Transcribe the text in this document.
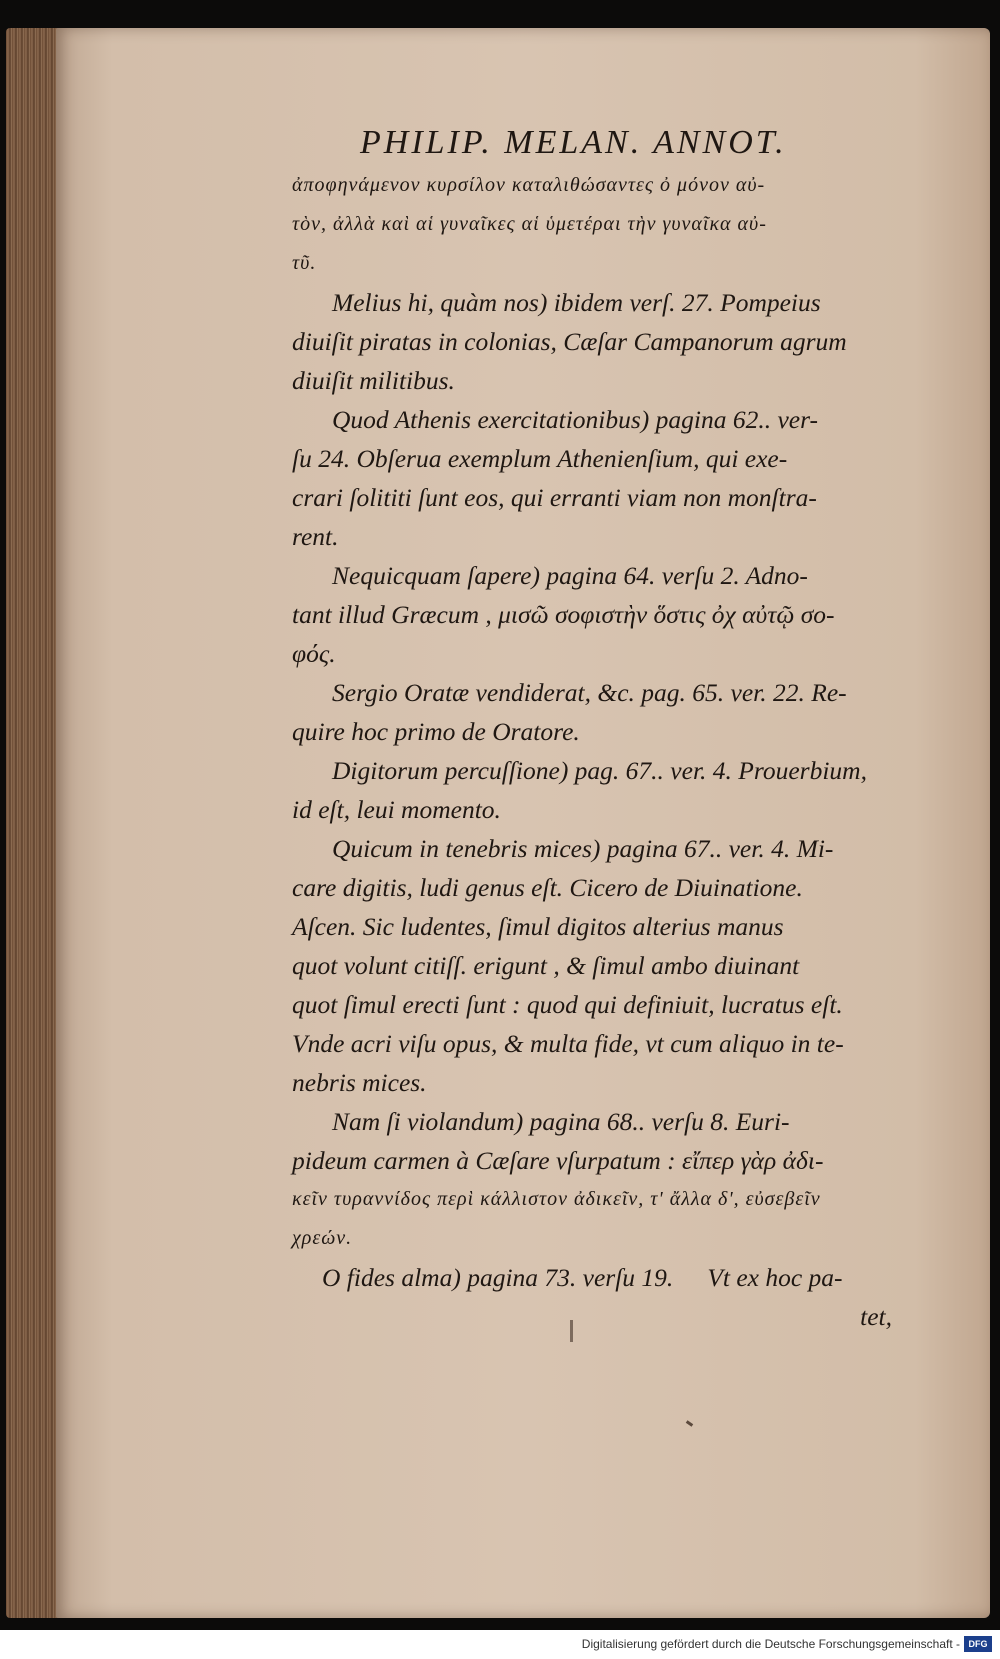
PHILIP. MELAN. ANNOT.

ἀποφηνάμενον κυρσίλον καταλιθώσαντες ὀ μόνον αὐ-
τὸν, ἀλλὰ καὶ αἱ γυναῖκες αἱ ὑμετέραι τὴν γυναῖκα αὐ-
τῦ.

Melius hi, quàm nos) ibidem verſ. 27. Pompeius
diuiſit piratas in colonias, Cæſar Campanorum agrum
diuiſit militibus.

Quod Athenis exercitationibus) pagina 62.. ver-
ſu 24. Obſerua exemplum Athenienſium, qui exe-
crari ſolititi ſunt eos, qui erranti viam non monſtra-
rent.

Nequicquam ſapere) pagina 64. verſu 2. Adno-
tant illud Græcum , μισῶ σοφιστὴν ὅστις ὀχ αὐτῷ σο-
φός.

Sergio Oratæ vendiderat, &c. pag. 65. ver. 22. Re-
quire hoc primo de Oratore.

Digitorum percuſſione) pag. 67.. ver. 4. Prouerbium,
id eſt, leui momento.

Quicum in tenebris mices) pagina 67.. ver. 4. Mi-
care digitis, ludi genus eſt. Cicero de Diuinatione.
Aſcen. Sic ludentes, ſimul digitos alterius manus
quot volunt citiſſ. erigunt , & ſimul ambo diuinant
quot ſimul erecti ſunt : quod qui definiuit, lucratus eſt.
Vnde acri viſu opus, & multa fide, vt cum aliquo in te-
nebris mices.

Nam ſi violandum) pagina 68.. verſu 8. Euri-
pideum carmen à Cæſare vſurpatum : εἴπερ γὰρ ἀδι-
κεῖν τυραννίδος περὶ κάλλιστον ἀδικεῖν, τ' ἄλλα δ', εὐσεβεῖν
χρεών.

O fides alma) pagina 73. verſu 19. Vt ex hoc pa-
tet,

Digitalisierung gefördert durch die Deutsche Forschungsgemeinschaft - DFG
